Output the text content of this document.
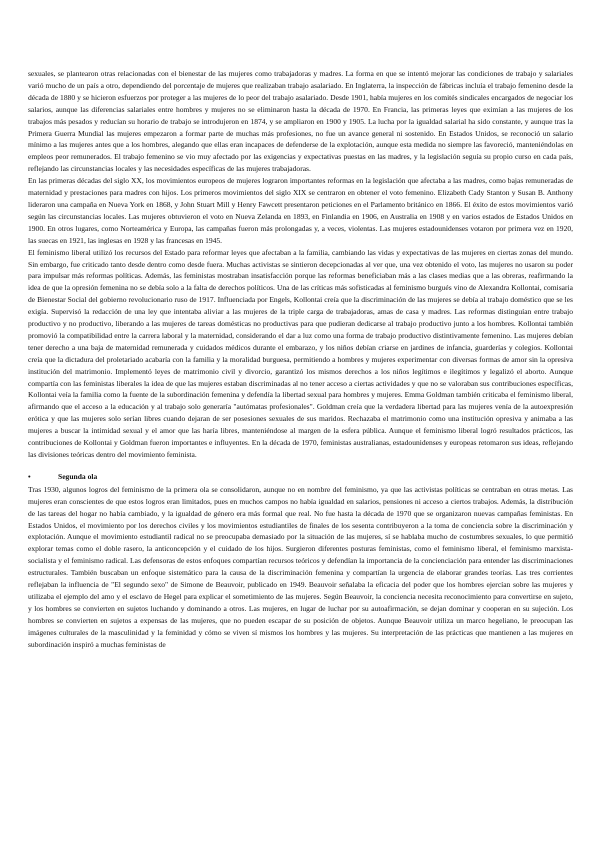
sexuales, se plantearon otras relacionadas con el bienestar de las mujeres como trabajadoras y madres. La forma en que se intentó mejorar las condiciones de trabajo y salariales varió mucho de un país a otro, dependiendo del porcentaje de mujeres que realizaban trabajo asalariado. En Inglaterra, la inspección de fábricas incluía el trabajo femenino desde la década de 1880 y se hicieron esfuerzos por proteger a las mujeres de lo peor del trabajo asalariado. Desde 1901, había mujeres en los comités sindicales encargados de negociar los salarios, aunque las diferencias salariales entre hombres y mujeres no se eliminaron hasta la década de 1970. En Francia, las primeras leyes que eximían a las mujeres de los trabajos más pesados y reducían su horario de trabajo se introdujeron en 1874, y se ampliaron en 1900 y 1905. La lucha por la igualdad salarial ha sido constante, y aunque tras la Primera Guerra Mundial las mujeres empezaron a formar parte de muchas más profesiones, no fue un avance general ni sostenido. En Estados Unidos, se reconoció un salario mínimo a las mujeres antes que a los hombres, alegando que ellas eran incapaces de defenderse de la explotación, aunque esta medida no siempre las favoreció, manteniéndolas en empleos peor remunerados. El trabajo femenino se vio muy afectado por las exigencias y expectativas puestas en las madres, y la legislación seguía su propio curso en cada país, reflejando las circunstancias locales y las necesidades específicas de las mujeres trabajadoras.

En las primeras décadas del siglo XX, los movimientos europeos de mujeres lograron importantes reformas en la legislación que afectaba a las madres, como bajas remuneradas de maternidad y prestaciones para madres con hijos. Los primeros movimientos del siglo XIX se centraron en obtener el voto femenino. Elizabeth Cady Stanton y Susan B. Anthony lideraron una campaña en Nueva York en 1868, y John Stuart Mill y Henry Fawcett presentaron peticiones en el Parlamento británico en 1866. El éxito de estos movimientos varió según las circunstancias locales. Las mujeres obtuvieron el voto en Nueva Zelanda en 1893, en Finlandia en 1906, en Australia en 1908 y en varios estados de Estados Unidos en 1900. En otros lugares, como Norteamérica y Europa, las campañas fueron más prolongadas y, a veces, violentas. Las mujeres estadounidenses votaron por primera vez en 1920, las suecas en 1921, las inglesas en 1928 y las francesas en 1945.

El feminismo liberal utilizó los recursos del Estado para reformar leyes que afectaban a la familia, cambiando las vidas y expectativas de las mujeres en ciertas zonas del mundo. Sin embargo, fue criticado tanto desde dentro como desde fuera. Muchas activistas se sintieron decepcionadas al ver que, una vez obtenido el voto, las mujeres no usaron su poder para impulsar más reformas políticas. Además, las feministas mostraban insatisfacción porque las reformas beneficiaban más a las clases medias que a las obreras, reafirmando la idea de que la opresión femenina no se debía solo a la falta de derechos políticos. Una de las críticas más sofisticadas al feminismo burgués vino de Alexandra Kollontai, comisaria de Bienestar Social del gobierno revolucionario ruso de 1917. Influenciada por Engels, Kollontai creía que la discriminación de las mujeres se debía al trabajo doméstico que se les exigía. Supervisó la redacción de una ley que intentaba aliviar a las mujeres de la triple carga de trabajadoras, amas de casa y madres. Las reformas distinguían entre trabajo productivo y no productivo, liberando a las mujeres de tareas domésticas no productivas para que pudieran dedicarse al trabajo productivo junto a los hombres. Kollontai también promovió la compatibilidad entre la carrera laboral y la maternidad, considerando el dar a luz como una forma de trabajo productivo distintivamente femenino. Las mujeres debían tener derecho a una baja de maternidad remunerada y cuidados médicos durante el embarazo, y los niños debían criarse en jardines de infancia, guarderías y colegios. Kollontai creía que la dictadura del proletariado acabaría con la familia y la moralidad burguesa, permitiendo a hombres y mujeres experimentar con diversas formas de amor sin la opresiva institución del matrimonio. Implementó leyes de matrimonio civil y divorcio, garantizó los mismos derechos a los niños legítimos e ilegítimos y legalizó el aborto. Aunque compartía con las feministas liberales la idea de que las mujeres estaban discriminadas al no tener acceso a ciertas actividades y que no se valoraban sus contribuciones específicas, Kollontai veía la familia como la fuente de la subordinación femenina y defendía la libertad sexual para hombres y mujeres. Emma Goldman también criticaba el feminismo liberal, afirmando que el acceso a la educación y al trabajo solo generaría "autómatas profesionales". Goldman creía que la verdadera libertad para las mujeres venía de la autoexpresión erótica y que las mujeres solo serían libres cuando dejaran de ser posesiones sexuales de sus maridos. Rechazaba el matrimonio como una institución opresiva y animaba a las mujeres a buscar la intimidad sexual y el amor que las haría libres, manteniéndose al margen de la esfera pública. Aunque el feminismo liberal logró resultados prácticos, las contribuciones de Kollontai y Goldman fueron importantes e influyentes. En la década de 1970, feministas australianas, estadounidenses y europeas retomaron sus ideas, reflejando las divisiones teóricas dentro del movimiento feminista.

•	Segunda ola

Tras 1930, algunos logros del feminismo de la primera ola se consolidaron, aunque no en nombre del feminismo, ya que las activistas políticas se centraban en otras metas. Las mujeres eran conscientes de que estos logros eran limitados, pues en muchos campos no había igualdad en salarios, pensiones ni acceso a ciertos trabajos. Además, la distribución de las tareas del hogar no había cambiado, y la igualdad de género era más formal que real. No fue hasta la década de 1970 que se organizaron nuevas campañas feministas. En Estados Unidos, el movimiento por los derechos civiles y los movimientos estudiantiles de finales de los sesenta contribuyeron a la toma de conciencia sobre la discriminación y explotación. Aunque el movimiento estudiantil radical no se preocupaba demasiado por la situación de las mujeres, sí se hablaba mucho de costumbres sexuales, lo que permitió explorar temas como el doble rasero, la anticoncepción y el cuidado de los hijos. Surgieron diferentes posturas feministas, como el feminismo liberal, el feminismo marxista-socialista y el feminismo radical. Las defensoras de estos enfoques compartían recursos teóricos y defendían la importancia de la concienciación para entender las discriminaciones estructurales. También buscaban un enfoque sistemático para la causa de la discriminación femenina y compartían la urgencia de elaborar grandes teorías. Las tres corrientes reflejaban la influencia de "El segundo sexo" de Simone de Beauvoir, publicado en 1949. Beauvoir señalaba la eficacia del poder que los hombres ejercían sobre las mujeres y utilizaba el ejemplo del amo y el esclavo de Hegel para explicar el sometimiento de las mujeres. Según Beauvoir, la conciencia necesita reconocimiento para convertirse en sujeto, y los hombres se convierten en sujetos luchando y dominando a otros. Las mujeres, en lugar de luchar por su autoafirmación, se dejan dominar y cooperan en su sujeción. Los hombres se convierten en sujetos a expensas de las mujeres, que no pueden escapar de su posición de objetos. Aunque Beauvoir utiliza un marco hegeliano, le preocupan las imágenes culturales de la masculinidad y la feminidad y cómo se viven sí mismos los hombres y las mujeres. Su interpretación de las prácticas que mantienen a las mujeres en subordinación inspiró a muchas feministas de
